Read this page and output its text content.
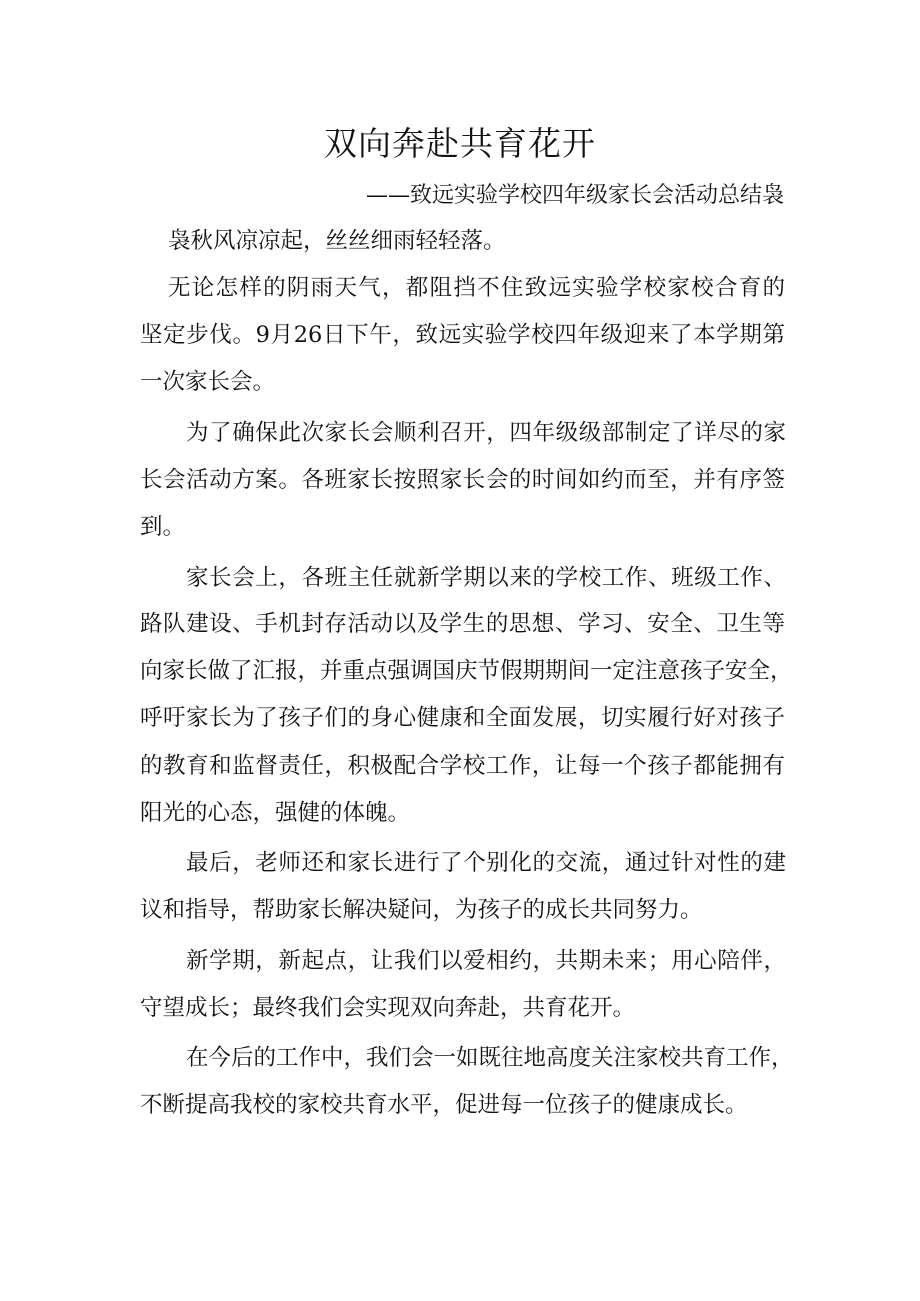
双向奔赴共育花开

——致远实验学校四年级家长会活动总结袅

袅秋风凉凉起，丝丝细雨轻轻落。

无论怎样的阴雨天气，都阻挡不住致远实验学校家校合育的

坚定步伐。9月26日下午，致远实验学校四年级迎来了本学期第

一次家长会。

为了确保此次家长会顺利召开，四年级级部制定了详尽的家

长会活动方案。各班家长按照家长会的时间如约而至，并有序签

到。

家长会上，各班主任就新学期以来的学校工作、班级工作、

路队建设、手机封存活动以及学生的思想、学习、安全、卫生等

向家长做了汇报，并重点强调国庆节假期期间一定注意孩子安全，

呼吁家长为了孩子们的身心健康和全面发展，切实履行好对孩子

的教育和监督责任，积极配合学校工作，让每一个孩子都能拥有

阳光的心态，强健的体魄。

最后，老师还和家长进行了个别化的交流，通过针对性的建

议和指导，帮助家长解决疑问，为孩子的成长共同努力。

新学期，新起点，让我们以爱相约，共期未来；用心陪伴，

守望成长；最终我们会实现双向奔赴，共育花开。

在今后的工作中，我们会一如既往地高度关注家校共育工作，

不断提高我校的家校共育水平，促进每一位孩子的健康成长。
